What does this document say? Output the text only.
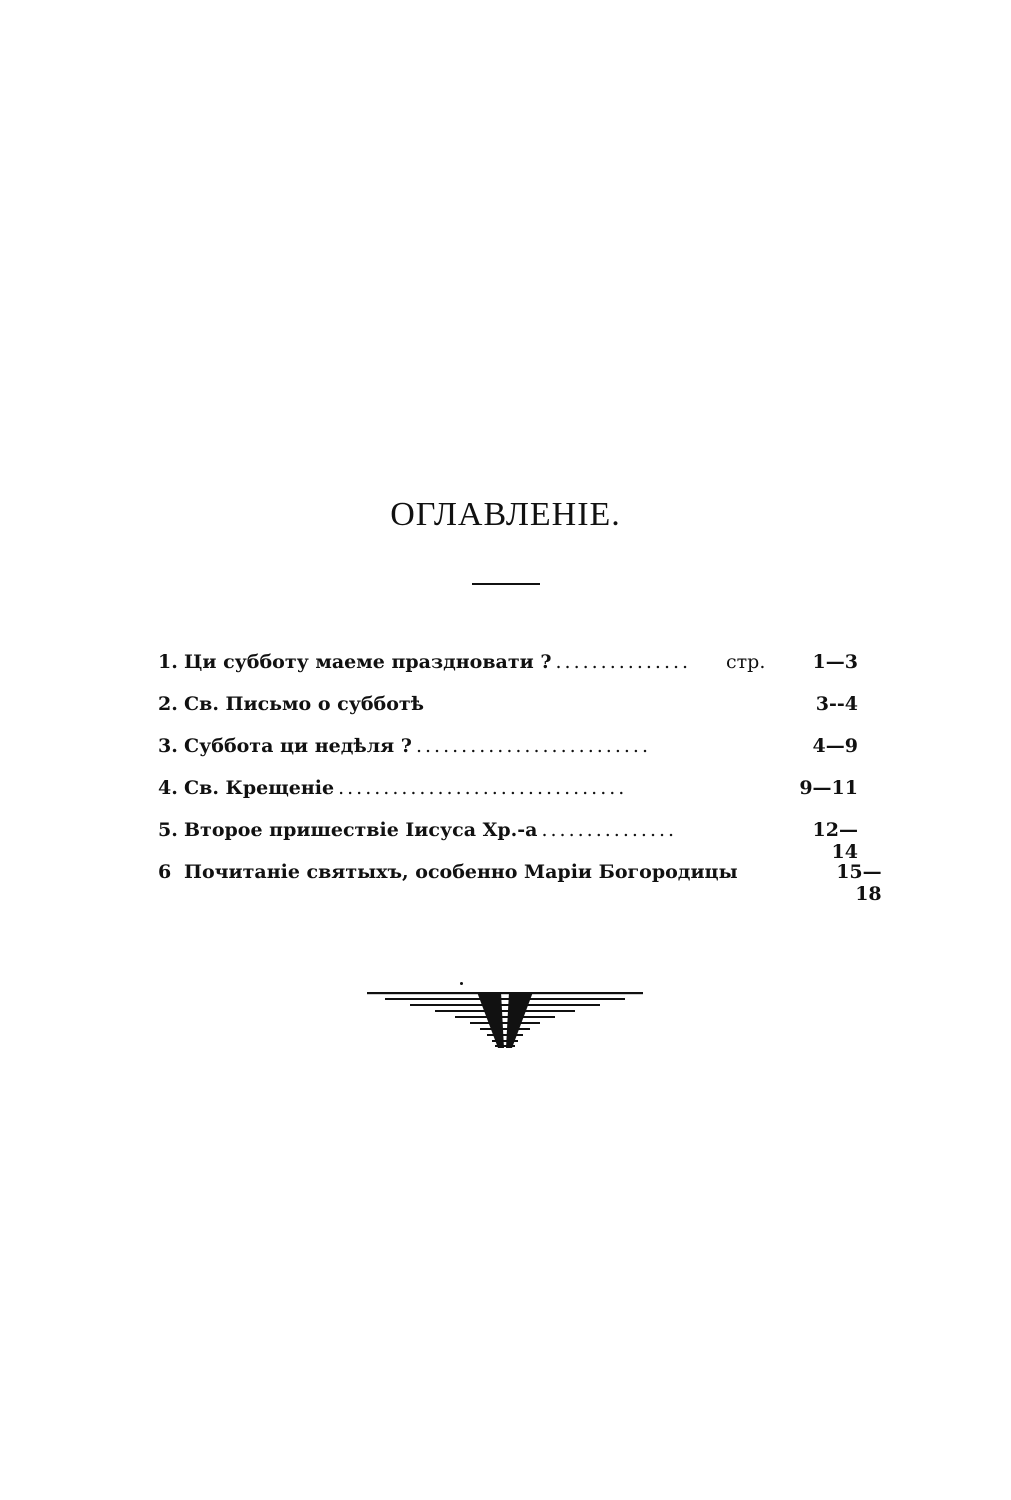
ОГЛАВЛЕНІЕ.
1. Ци субботу маеме праздновати ? ...............	стр.	1—3
2. Св. Письмо о субботѣ	3--4
3. Суббота ци недѣля ? ..........................	4—9
4. Св. Крещеніе ................................	9—11
5. Второе пришествіе Іисуса Хр.-а ...............	12—14
6 Почитаніе святыхъ, особенно Маріи Богородицы	15—18
